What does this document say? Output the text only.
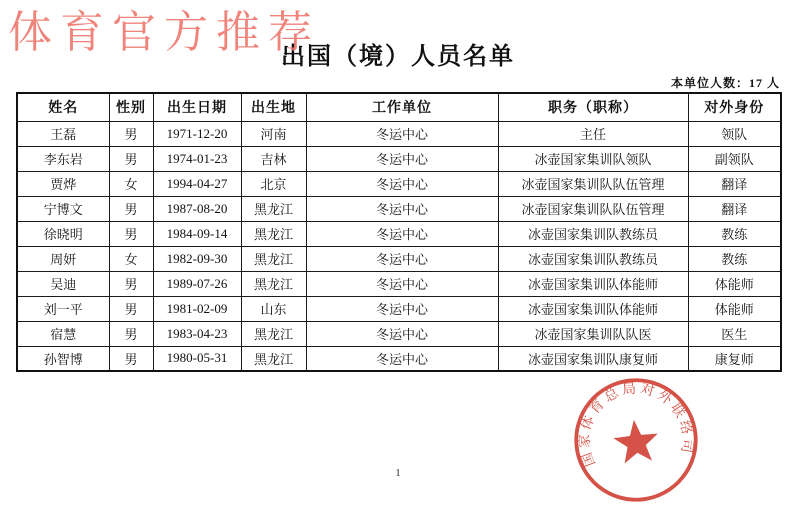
体育官方推荐
出国（境）人员名单
本单位人数：17 人
姓名	性别	出生日期	出生地	工作单位	职务（职称）	对外身份
王磊	男	1971-12-20	河南	冬运中心	主任	领队
李东岩	男	1974-01-23	吉林	冬运中心	冰壶国家集训队领队	副领队
贾烨	女	1994-04-27	北京	冬运中心	冰壶国家集训队队伍管理	翻译
宁博文	男	1987-08-20	黑龙江	冬运中心	冰壶国家集训队队伍管理	翻译
徐晓明	男	1984-09-14	黑龙江	冬运中心	冰壶国家集训队教练员	教练
周妍	女	1982-09-30	黑龙江	冬运中心	冰壶国家集训队教练员	教练
吴迪	男	1989-07-26	黑龙江	冬运中心	冰壶国家集训队体能师	体能师
刘一平	男	1981-02-09	山东	冬运中心	冰壶国家集训队体能师	体能师
宿慧	男	1983-04-23	黑龙江	冬运中心	冰壶国家集训队队医	医生
孙智博	男	1980-05-31	黑龙江	冬运中心	冰壶国家集训队康复师	康复师
国家体育总局对外联络司
1
